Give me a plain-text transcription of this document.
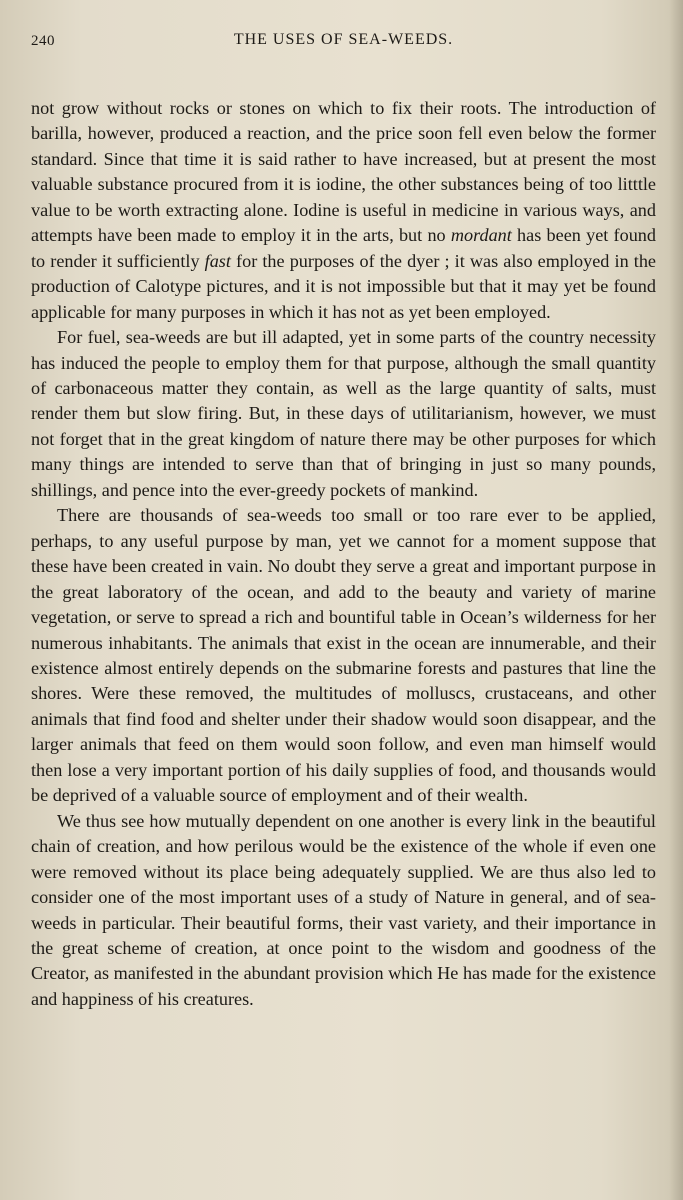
240	THE USES OF SEA-WEEDS.

not grow without rocks or stones on which to fix their roots. The introduction of barilla, however, produced a reaction, and the price soon fell even below the former standard. Since that time it is said rather to have increased, but at present the most valuable substance procured from it is iodine, the other substances being of too litttle value to be worth extracting alone. Iodine is useful in medicine in various ways, and attempts have been made to employ it in the arts, but no mordant has been yet found to render it sufficiently fast for the purposes of the dyer ; it was also employed in the production of Calotype pictures, and it is not impossible but that it may yet be found applicable for many purposes in which it has not as yet been employed.

For fuel, sea-weeds are but ill adapted, yet in some parts of the country necessity has induced the people to employ them for that purpose, although the small quantity of carbonaceous matter they contain, as well as the large quantity of salts, must render them but slow firing. But, in these days of utilitarianism, however, we must not forget that in the great kingdom of nature there may be other purposes for which many things are intended to serve than that of bringing in just so many pounds, shillings, and pence into the ever-greedy pockets of mankind.

There are thousands of sea-weeds too small or too rare ever to be applied, perhaps, to any useful purpose by man, yet we cannot for a moment suppose that these have been created in vain. No doubt they serve a great and important purpose in the great laboratory of the ocean, and add to the beauty and variety of marine vegetation, or serve to spread a rich and bountiful table in Ocean’s wilderness for her numerous inhabitants. The animals that exist in the ocean are innumerable, and their existence almost entirely depends on the submarine forests and pastures that line the shores. Were these removed, the multitudes of molluscs, crustaceans, and other animals that find food and shelter under their shadow would soon disappear, and the larger animals that feed on them would soon follow, and even man himself would then lose a very important portion of his daily supplies of food, and thousands would be deprived of a valuable source of employment and of their wealth.

We thus see how mutually dependent on one another is every link in the beautiful chain of creation, and how perilous would be the existence of the whole if even one were removed without its place being adequately supplied. We are thus also led to consider one of the most important uses of a study of Nature in general, and of sea-weeds in particular. Their beautiful forms, their vast variety, and their importance in the great scheme of creation, at once point to the wisdom and goodness of the Creator, as manifested in the abundant provision which He has made for the existence and happiness of his creatures.
